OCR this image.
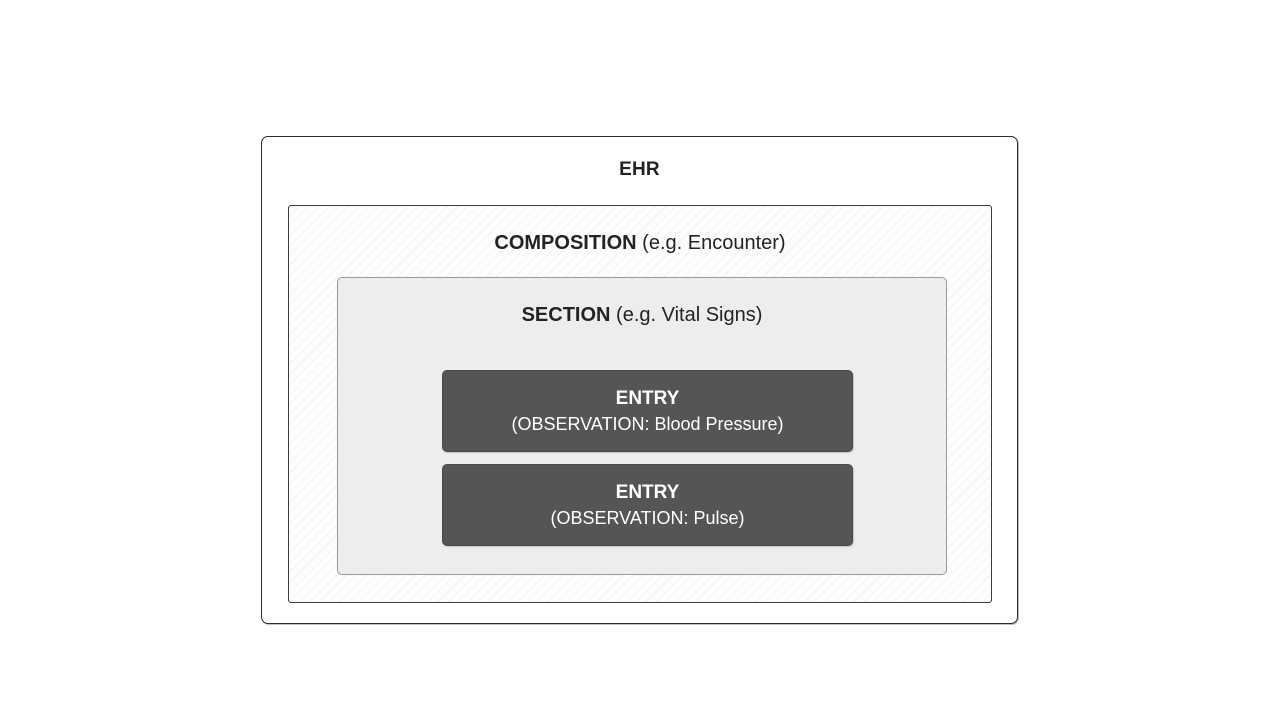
EHR
COMPOSITION (e.g. Encounter)
SECTION (e.g. Vital Signs)
ENTRY
(OBSERVATION: Blood Pressure)
ENTRY
(OBSERVATION: Pulse)
